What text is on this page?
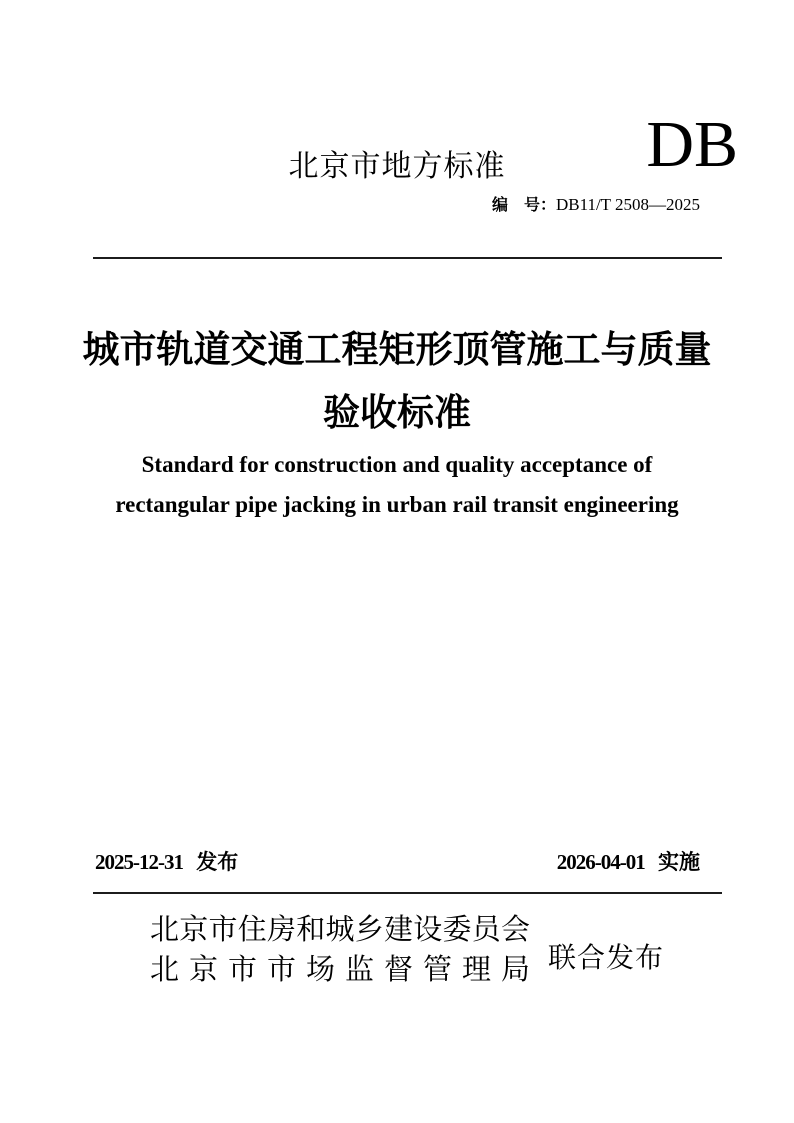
北京市地方标准	DB
编　号：DB11/T 2508—2025
城市轨道交通工程矩形顶管施工与质量
验收标准
Standard for construction and quality acceptance of
rectangular pipe jacking in urban rail transit engineering
2025-12-31 发布	2026-04-01 实施
北京市住房和城乡建设委员会
北京市市场监督管理局 联合发布
